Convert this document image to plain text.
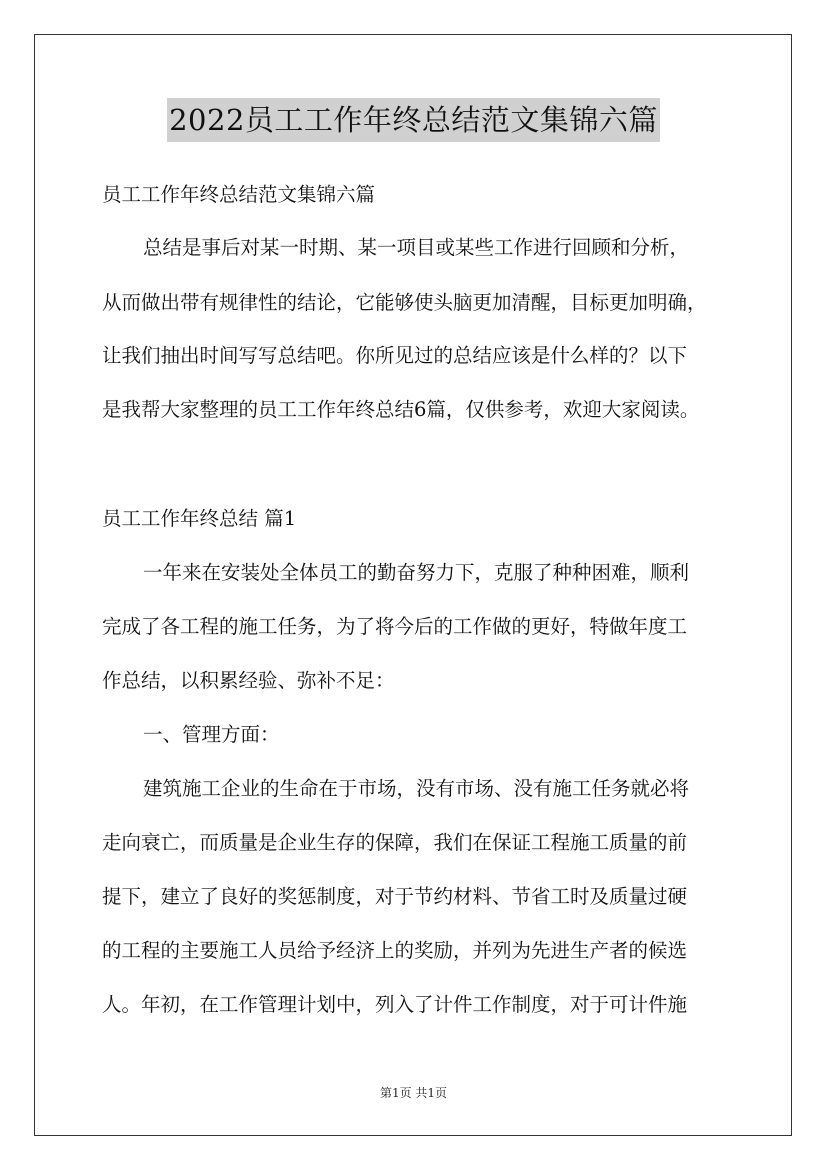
2022员工工作年终总结范文集锦六篇
员工工作年终总结范文集锦六篇
总结是事后对某一时期、某一项目或某些工作进行回顾和分析，
从而做出带有规律性的结论，它能够使头脑更加清醒，目标更加明确，
让我们抽出时间写写总结吧。你所见过的总结应该是什么样的？以下
是我帮大家整理的员工工作年终总结6篇，仅供参考，欢迎大家阅读。
员工工作年终总结 篇1
一年来在安装处全体员工的勤奋努力下，克服了种种困难，顺利
完成了各工程的施工任务，为了将今后的工作做的更好，特做年度工
作总结，以积累经验、弥补不足：
一、管理方面：
建筑施工企业的生命在于市场，没有市场、没有施工任务就必将
走向衰亡，而质量是企业生存的保障，我们在保证工程施工质量的前
提下，建立了良好的奖惩制度，对于节约材料、节省工时及质量过硬
的工程的主要施工人员给予经济上的奖励，并列为先进生产者的候选
人。年初，在工作管理计划中，列入了计件工作制度，对于可计件施
第1页 共1页
